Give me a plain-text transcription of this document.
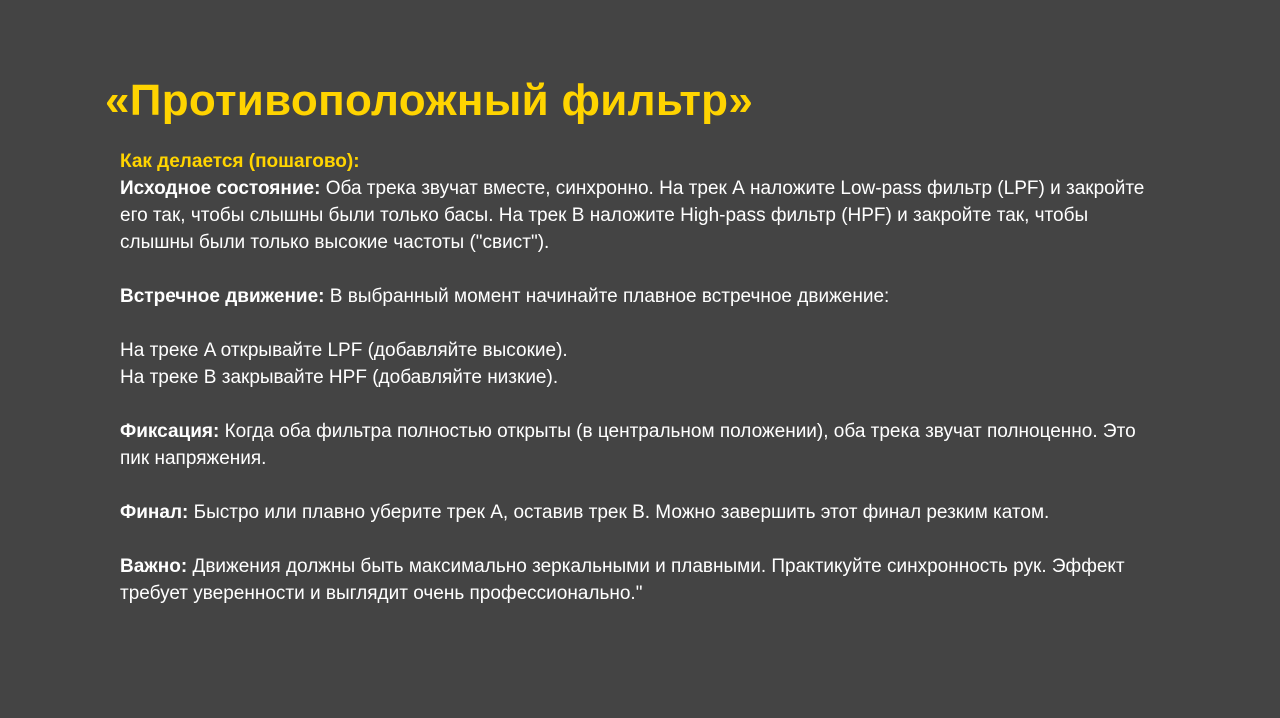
«Противоположный фильтр»

Как делается (пошагово):

Исходное состояние: Оба трека звучат вместе, синхронно. На трек А наложите Low-pass фильтр (LPF) и закройте его так, чтобы слышны были только басы. На трек B наложите High-pass фильтр (HPF) и закройте так, чтобы слышны были только высокие частоты ("свист").

Встречное движение: В выбранный момент начинайте плавное встречное движение:

На треке A открывайте LPF (добавляйте высокие).

На треке B закрывайте HPF (добавляйте низкие).

Фиксация: Когда оба фильтра полностью открыты (в центральном положении), оба трека звучат полноценно. Это пик напряжения.

Финал: Быстро или плавно уберите трек A, оставив трек B. Можно завершить этот финал резким катом.

Важно: Движения должны быть максимально зеркальными и плавными. Практикуйте синхронность рук. Эффект требует уверенности и выглядит очень профессионально."
